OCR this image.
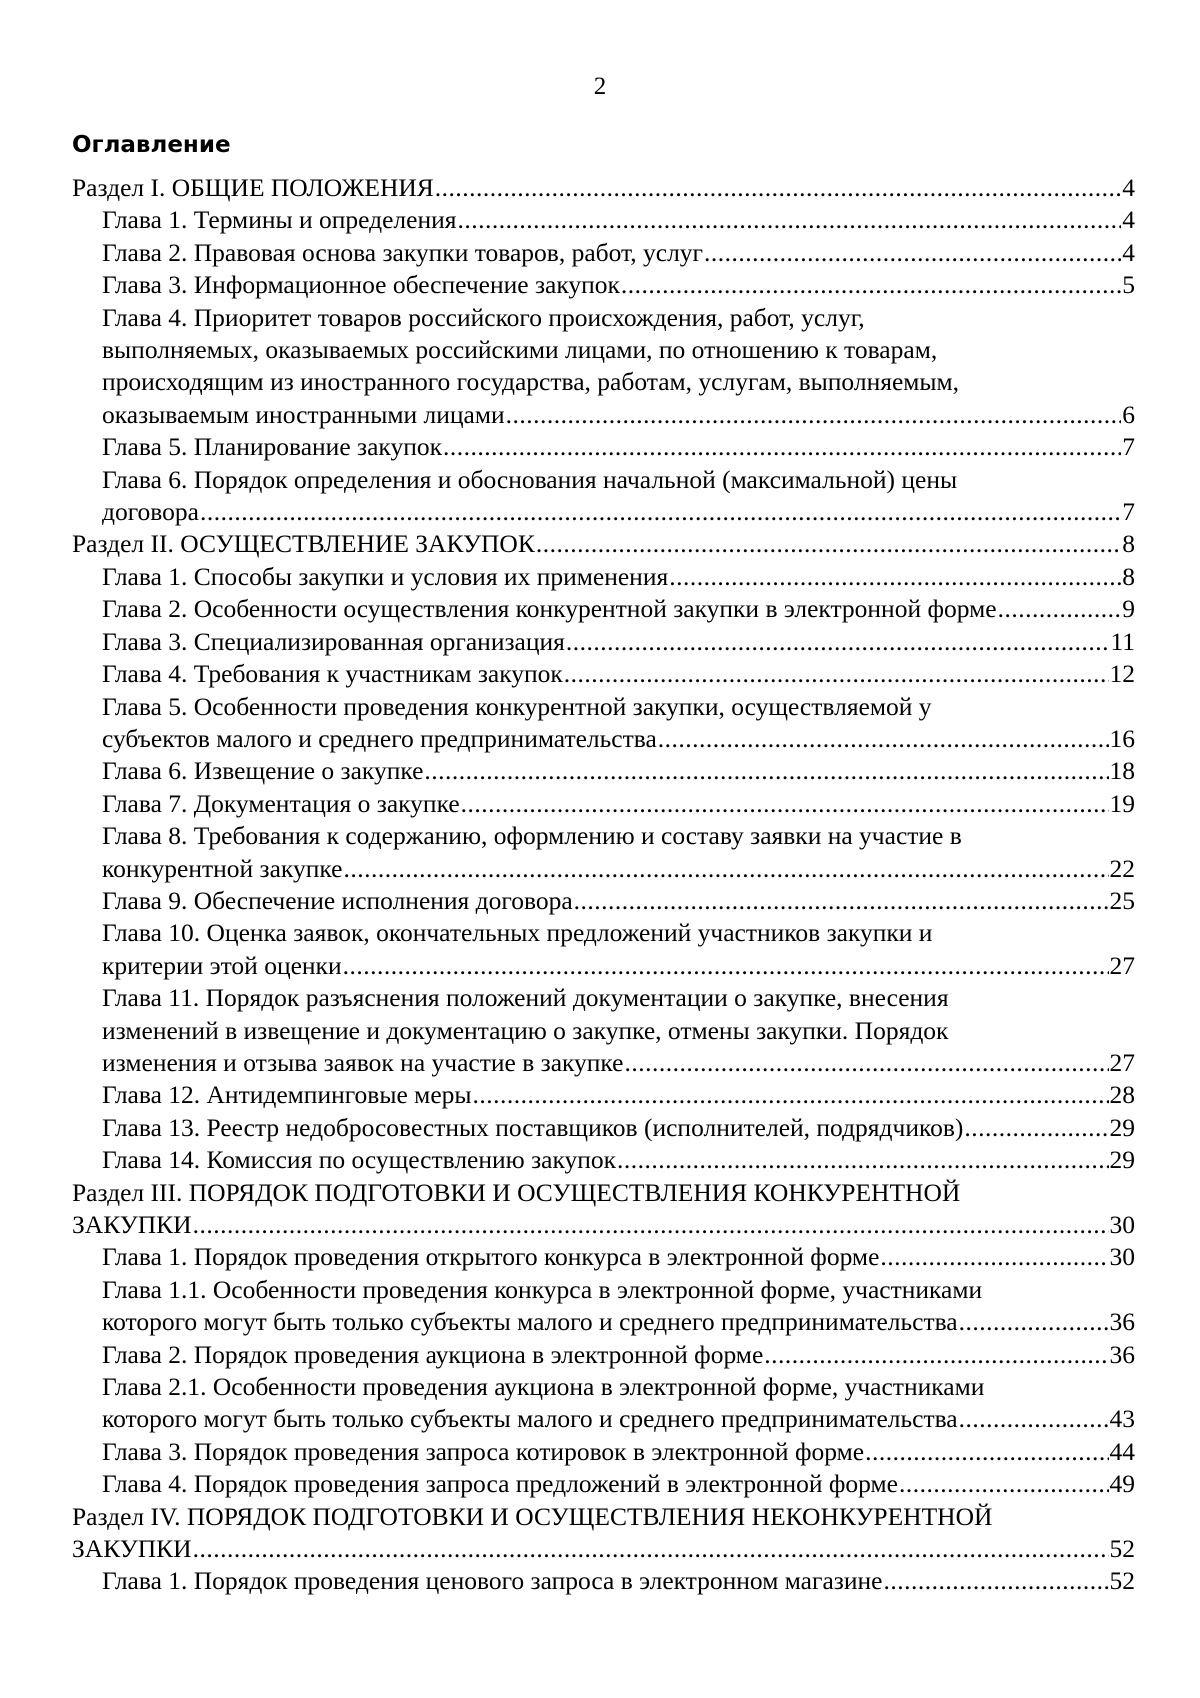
2
Оглавление
Раздел I. ОБЩИЕ ПОЛОЖЕНИЯ .....	4
Глава 1. Термины и определения .....	4
Глава 2. Правовая основа закупки товаров, работ, услуг .....	4
Глава 3. Информационное обеспечение закупок .....	5
Глава 4. Приоритет товаров российского происхождения, работ, услуг,
выполняемых, оказываемых российскими лицами, по отношению к товарам,
происходящим из иностранного государства, работам, услугам, выполняемым,
оказываемым иностранными лицами .....	6
Глава 5. Планирование закупок .....	7
Глава 6. Порядок определения и обоснования начальной (максимальной) цены
договора .....	7
Раздел II. ОСУЩЕСТВЛЕНИЕ ЗАКУПОК .....	8
Глава 1. Способы закупки и условия их применения .....	8
Глава 2. Особенности осуществления конкурентной закупки в электронной форме .....	9
Глава 3. Специализированная организация .....	11
Глава 4. Требования к участникам закупок .....	12
Глава 5. Особенности проведения конкурентной закупки, осуществляемой у
субъектов малого и среднего предпринимательства .....	16
Глава 6. Извещение о закупке .....	18
Глава 7. Документация о закупке .....	19
Глава 8. Требования к содержанию, оформлению и составу заявки на участие в
конкурентной закупке .....	22
Глава 9. Обеспечение исполнения договора .....	25
Глава 10. Оценка заявок, окончательных предложений участников закупки и
критерии этой оценки .....	27
Глава 11. Порядок разъяснения положений документации о закупке, внесения
изменений в извещение и документацию о закупке, отмены закупки. Порядок
изменения и отзыва заявок на участие в закупке .....	27
Глава 12. Антидемпинговые меры .....	28
Глава 13. Реестр недобросовестных поставщиков (исполнителей, подрядчиков) .....	29
Глава 14. Комиссия по осуществлению закупок .....	29
Раздел III. ПОРЯДОК ПОДГОТОВКИ И ОСУЩЕСТВЛЕНИЯ КОНКУРЕНТНОЙ
ЗАКУПКИ .....	30
Глава 1. Порядок проведения открытого конкурса в электронной форме .....	30
Глава 1.1. Особенности проведения конкурса в электронной форме, участниками
которого могут быть только субъекты малого и среднего предпринимательства .....	36
Глава 2. Порядок проведения аукциона в электронной форме .....	36
Глава 2.1. Особенности проведения аукциона в электронной форме, участниками
которого могут быть только субъекты малого и среднего предпринимательства .....	43
Глава 3. Порядок проведения запроса котировок в электронной форме .....	44
Глава 4. Порядок проведения запроса предложений в электронной форме .....	49
Раздел IV. ПОРЯДОК ПОДГОТОВКИ И ОСУЩЕСТВЛЕНИЯ НЕКОНКУРЕНТНОЙ
ЗАКУПКИ .....	52
Глава 1. Порядок проведения ценового запроса в электронном магазине .....	52
